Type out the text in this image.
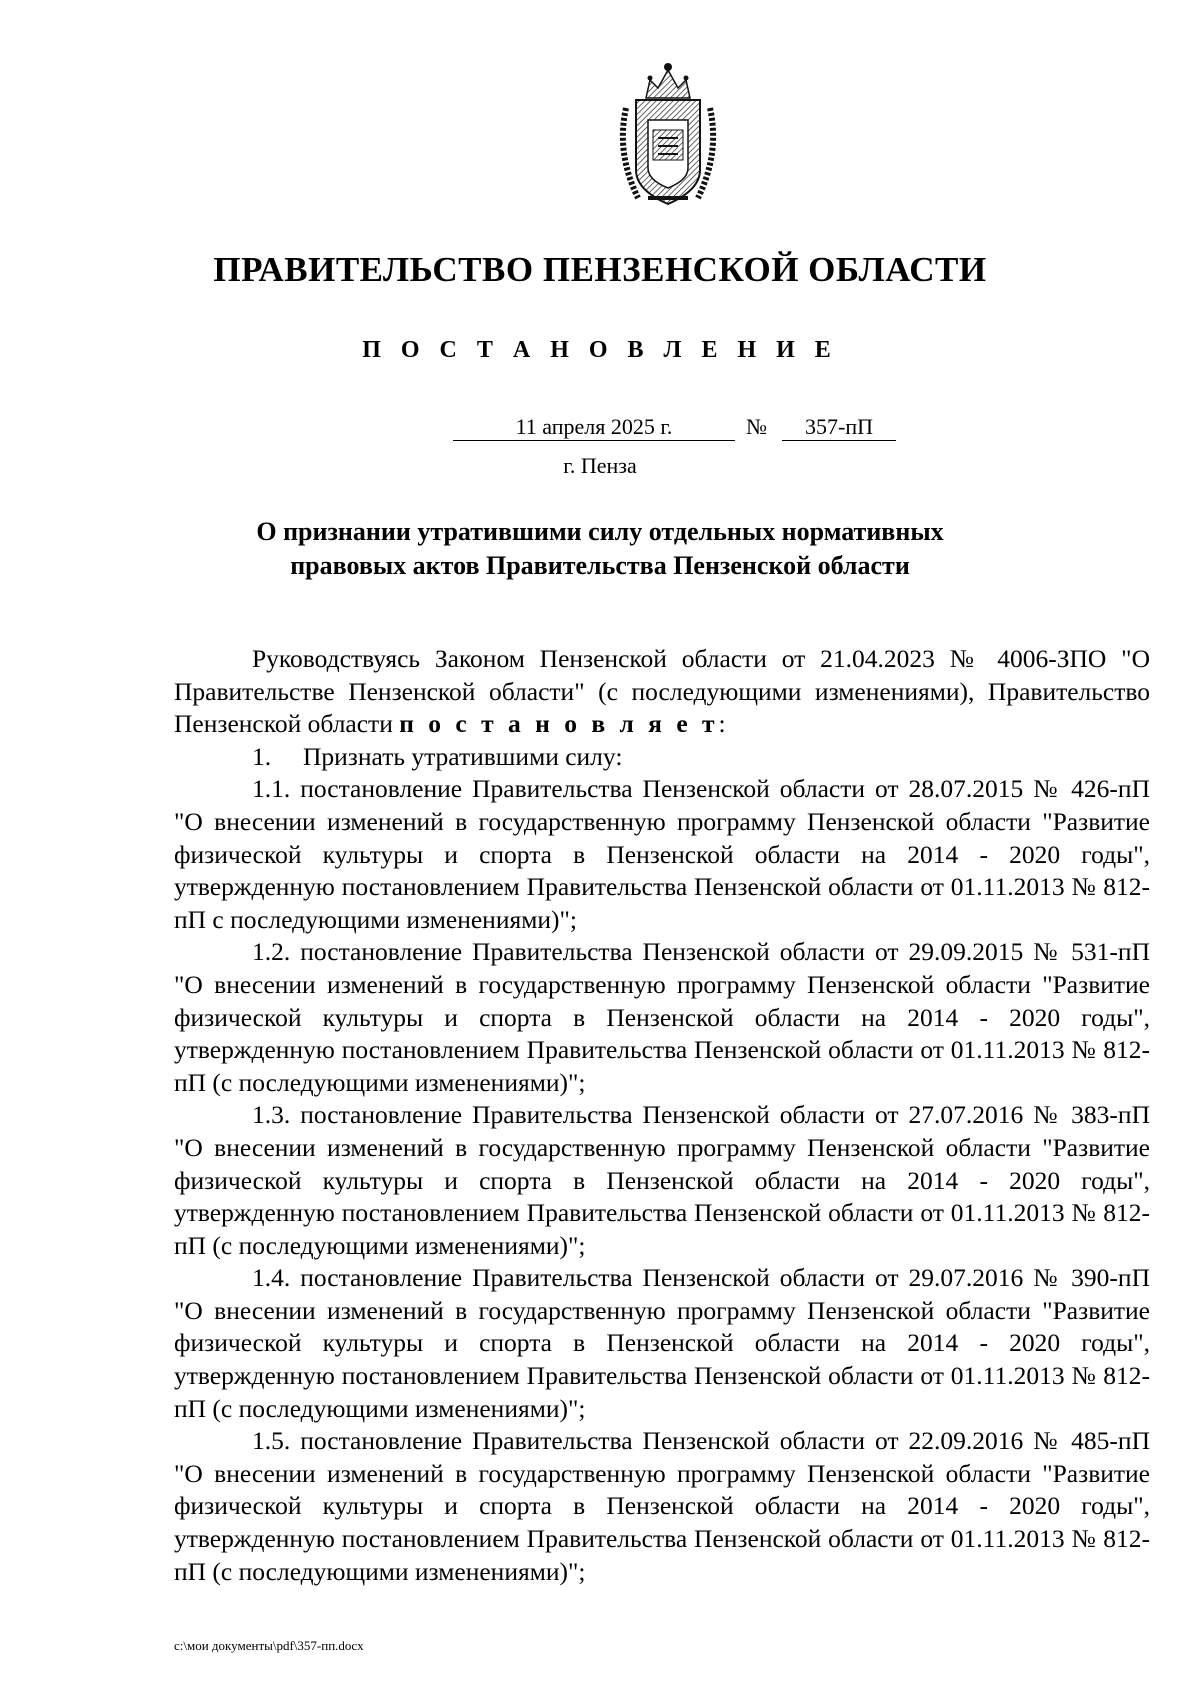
ПРАВИТЕЛЬСТВО ПЕНЗЕНСКОЙ ОБЛАСТИ
П О С Т А Н О В Л Е Н И Е
11 апреля 2025 г.	№	357-пП
г. Пенза
О признании утратившими силу отдельных нормативных
правовых актов Правительства Пензенской области

Руководствуясь Законом Пензенской области от 21.04.2023 № 4006-ЗПО "О Правительстве Пензенской области" (с последующими изменениями), Правительство Пензенской области п о с т а н о в л я е т:

1.     Признать утратившими силу:

1.1. постановление Правительства Пензенской области от 28.07.2015 № 426-пП "О внесении изменений в государственную программу Пензенской области "Развитие физической культуры и спорта в Пензенской области на 2014 - 2020 годы", утвержденную постановлением Правительства Пензенской области от 01.11.2013 № 812-пП с последующими изменениями)";

1.2. постановление Правительства Пензенской области от 29.09.2015 № 531-пП "О внесении изменений в государственную программу Пензенской области "Развитие физической культуры и спорта в Пензенской области на 2014 - 2020 годы", утвержденную постановлением Правительства Пензенской области от 01.11.2013 № 812-пП (с последующими изменениями)";

1.3. постановление Правительства Пензенской области от 27.07.2016 № 383-пП "О внесении изменений в государственную программу Пензенской области "Развитие физической культуры и спорта в Пензенской области на 2014 - 2020 годы", утвержденную постановлением Правительства Пензенской области от 01.11.2013 № 812-пП (с последующими изменениями)";

1.4. постановление Правительства Пензенской области от 29.07.2016 № 390-пП "О внесении изменений в государственную программу Пензенской области "Развитие физической культуры и спорта в Пензенской области на 2014 - 2020 годы", утвержденную постановлением Правительства Пензенской области от 01.11.2013 № 812-пП (с последующими изменениями)";

1.5. постановление Правительства Пензенской области от 22.09.2016 № 485-пП "О внесении изменений в государственную программу Пензенской области "Развитие физической культуры и спорта в Пензенской области на 2014 - 2020 годы", утвержденную постановлением Правительства Пензенской области от 01.11.2013 № 812-пП (с последующими изменениями)";

c:\мои документы\pdf\357-пп.docx
